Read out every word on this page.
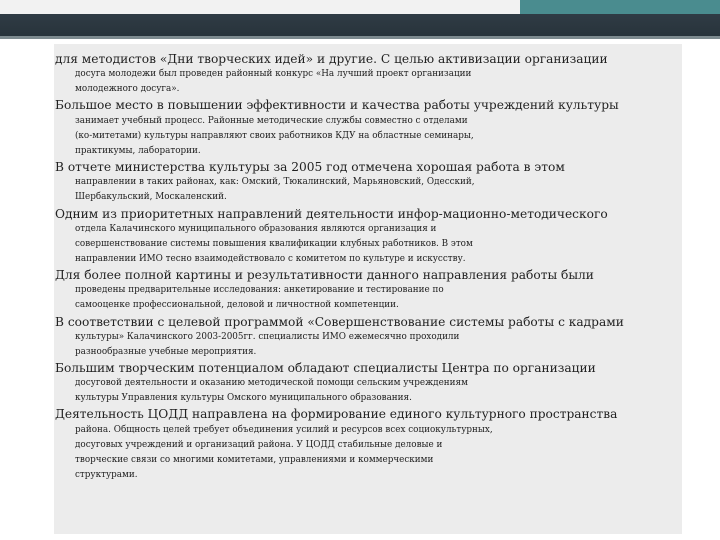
для методистов «Дни творческих идей» и другие. С целью активизации организации
досуга молодежи был проведен районный конкурс «На лучший проект организации
молодежного досуга».
Большое место в повышении эффективности и качества работы учреждений культуры
занимает учебный процесс. Районные методические службы совместно с отделами
(ко-митетами) культуры направляют своих работников КДУ на областные семинары,
практикумы, лаборатории.
В отчете министерства культуры за 2005 год отмечена хорошая работа в этом
направлении в таких районах, как: Омский, Тюкалинский, Марьяновский, Одесский,
Шербакульский, Москаленский.
Одним из приоритетных направлений деятельности инфор-мационно-методического
отдела Калачинского муниципального образования являются организация и
совершенствование системы повышения квалификации клубных работников. В этом
направлении ИМО тесно взаимодействовало с комитетом по культуре и искусству.
Для более полной картины и результативности данного направления работы были
проведены предварительные исследования: анкетирование и тестирование по
самооценке профессиональной, деловой и личностной компетенции.
В соответствии с целевой программой «Совершенствование системы работы с кадрами
культуры» Калачинского 2003-2005гг. специалисты ИМО ежемесячно проходили
разнообразные учебные мероприятия.
Большим творческим потенциалом обладают специалисты Центра по организации
досуговой деятельности и оказанию методической помощи сельским учреждениям
культуры Управления культуры Омского муниципального образования.
Деятельность ЦОДД направлена на формирование единого культурного пространства
района. Общность целей требует объединения усилий и ресурсов всех социокультурных,
досуговых учреждений и организаций района. У ЦОДД стабильные деловые и
творческие связи со многими комитетами, управлениями и коммерческими
структурами.
